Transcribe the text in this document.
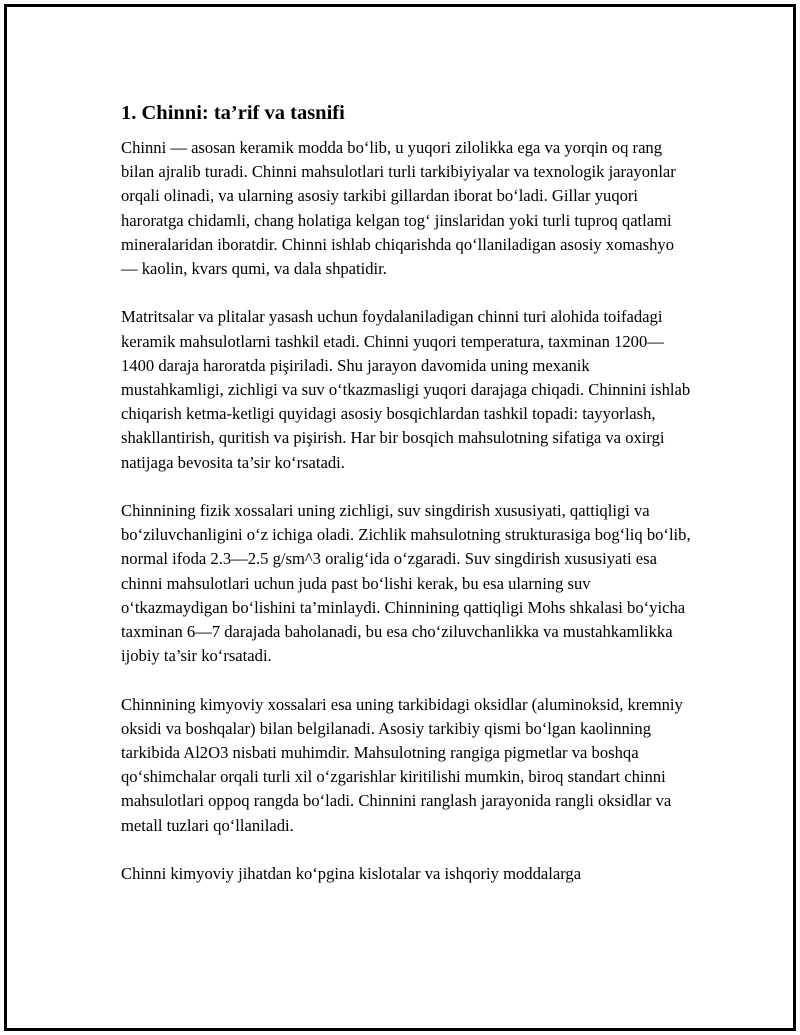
1. Chinni: ta’rif va tasnifi

Chinni — asosan keramik modda bo‘lib, u yuqori zilolikka ega va yorqin oq rang bilan ajralib turadi. Chinni mahsulotlari turli tarkibiyiyalar va texnologik jarayonlar orqali olinadi, va ularning asosiy tarkibi gillardan iborat bo‘ladi. Gillar yuqori haroratga chidamli, chang holatiga kelgan tog‘ jinslaridan yoki turli tuproq qatlami mineralaridan iboratdir. Chinni ishlab chiqarishda qo‘llaniladigan asosiy xomashyo — kaolin, kvars qumi, va dala shpatidir.

Matritsalar va plitalar yasash uchun foydalaniladigan chinni turi alohida toifadagi keramik mahsulotlarni tashkil etadi. Chinni yuqori temperatura, taxminan 1200—1400 daraja haroratda pişiriladi. Shu jarayon davomida uning mexanik mustahkamligi, zichligi va suv o‘tkazmasligi yuqori darajaga chiqadi. Chinnini ishlab chiqarish ketma-ketligi quyidagi asosiy bosqichlardan tashkil topadi: tayyorlash, shakllantirish, quritish va pişirish. Har bir bosqich mahsulotning sifatiga va oxirgi natijaga bevosita ta’sir ko‘rsatadi.

Chinnining fizik xossalari uning zichligi, suv singdirish xususiyati, qattiqligi va bo‘ziluvchanligini o‘z ichiga oladi. Zichlik mahsulotning strukturasiga bog‘liq bo‘lib, normal ifoda 2.3—2.5 g/sm^3 oralig‘ida o‘zgaradi. Suv singdirish xususiyati esa chinni mahsulotlari uchun juda past bo‘lishi kerak, bu esa ularning suv o‘tkazmaydigan bo‘lishini ta’minlaydi. Chinnining qattiqligi Mohs shkalasi bo‘yicha taxminan 6—7 darajada baholanadi, bu esa cho‘ziluvchanlikka va mustahkamlikka ijobiy ta’sir ko‘rsatadi.

Chinnining kimyoviy xossalari esa uning tarkibidagi oksidlar (aluminoksid, kremniy oksidi va boshqalar) bilan belgilanadi. Asosiy tarkibiy qismi bo‘lgan kaolinning tarkibida Al2O3 nisbati muhimdir. Mahsulotning rangiga pigmetlar va boshqa qo‘shimchalar orqali turli xil o‘zgarishlar kiritilishi mumkin, biroq standart chinni mahsulotlari oppoq rangda bo‘ladi. Chinnini ranglash jarayonida rangli oksidlar va metall tuzlari qo‘llaniladi.

Chinni kimyoviy jihatdan ko‘pgina kislotalar va ishqoriy moddalarga
